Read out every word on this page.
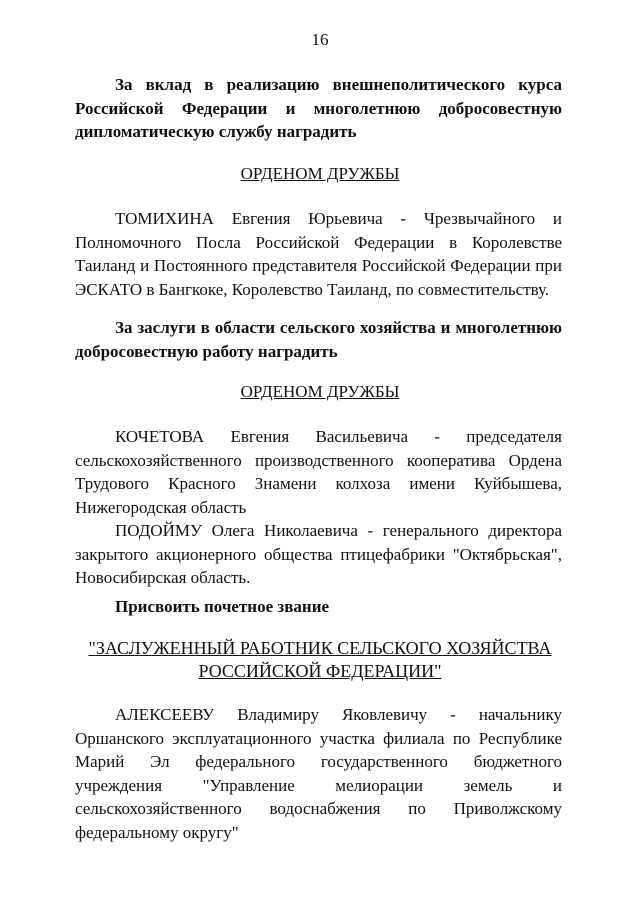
16
За вклад в реализацию внешнеполитического курса Российской Федерации и многолетнюю добросовестную дипломатическую службу наградить
ОРДЕНОМ ДРУЖБЫ
ТОМИХИНА Евгения Юрьевича - Чрезвычайного и Полномочного Посла Российской Федерации в Королевстве Таиланд и Постоянного представителя Российской Федерации при ЭСКАТО в Бангкоке, Королевство Таиланд, по совместительству.
За заслуги в области сельского хозяйства и многолетнюю добросовестную работу наградить
ОРДЕНОМ ДРУЖБЫ
КОЧЕТОВА Евгения Васильевича - председателя сельскохозяйственного производственного кооператива Ордена Трудового Красного Знамени колхоза имени Куйбышева, Нижегородская область
ПОДОЙМУ Олега Николаевича - генерального директора закрытого акционерного общества птицефабрики "Октябрьская", Новосибирская область.
Присвоить почетное звание
"ЗАСЛУЖЕННЫЙ РАБОТНИК СЕЛЬСКОГО ХОЗЯЙСТВА
РОССИЙСКОЙ ФЕДЕРАЦИИ"
АЛЕКСЕЕВУ Владимиру Яковлевичу - начальнику Оршанского эксплуатационного участка филиала по Республике Марий Эл федерального государственного бюджетного учреждения "Управление мелиорации земель и сельскохозяйственного водоснабжения по Приволжскому федеральному округу"
